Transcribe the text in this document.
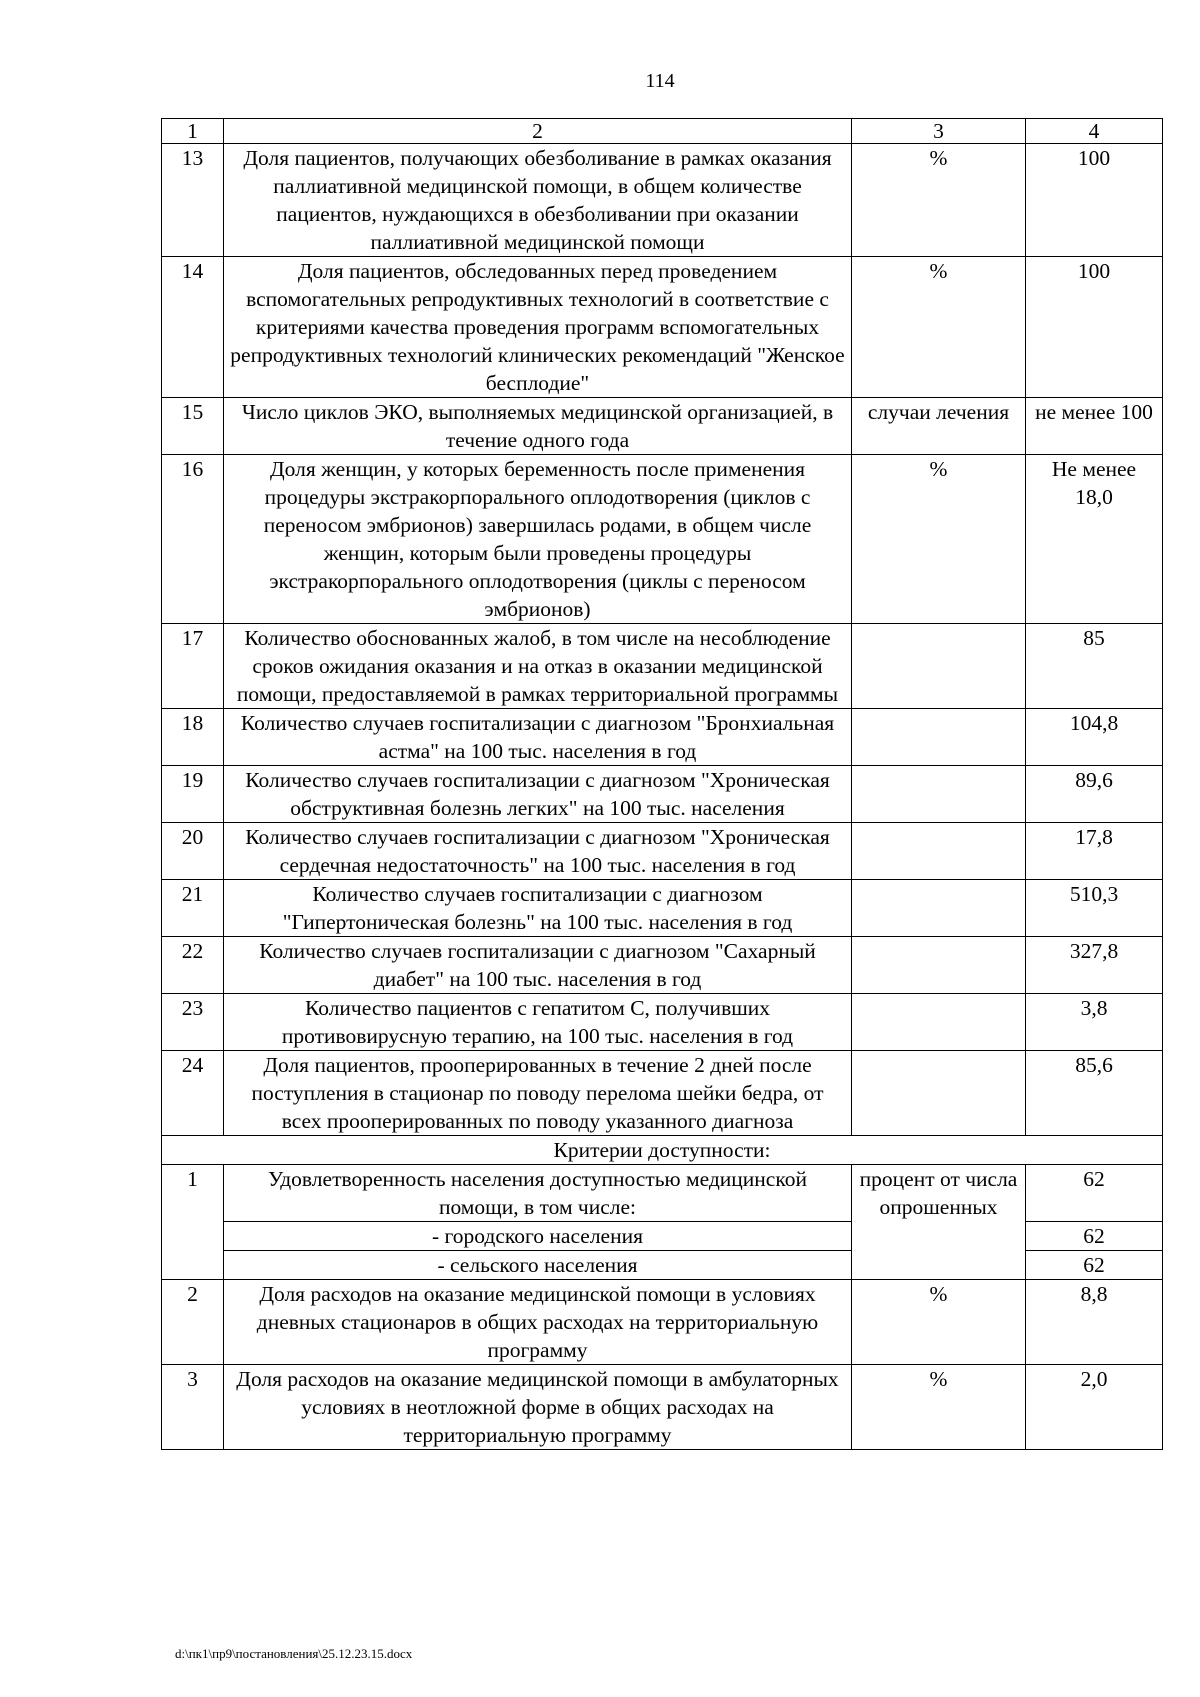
114
1	2	3	4
13	Доля пациентов, получающих обезболивание в рамках оказания паллиативной медицинской помощи, в общем количестве пациентов, нуждающихся в обезболивании при оказании паллиативной медицинской помощи	%	100
14	Доля пациентов, обследованных перед проведением вспомогательных репродуктивных технологий в соответствие с критериями качества проведения программ вспомогательных репродуктивных технологий клинических рекомендаций "Женское бесплодие"	%	100
15	Число циклов ЭКО, выполняемых медицинской организацией, в течение одного года	случаи лечения	не менее 100
16	Доля женщин, у которых беременность после применения процедуры экстракорпорального оплодотворения (циклов с переносом эмбрионов) завершилась родами, в общем числе женщин, которым были проведены процедуры экстракорпорального оплодотворения (циклы с переносом эмбрионов)	%	Не менее 18,0
17	Количество обоснованных жалоб, в том числе на несоблюдение сроков ожидания оказания и на отказ в оказании медицинской помощи, предоставляемой в рамках территориальной программы		85
18	Количество случаев госпитализации с диагнозом "Бронхиальная астма" на 100 тыс. населения в год		104,8
19	Количество случаев госпитализации с диагнозом "Хроническая обструктивная болезнь легких" на 100 тыс. населения		89,6
20	Количество случаев госпитализации с диагнозом "Хроническая сердечная недостаточность" на 100 тыс. населения в год		17,8
21	Количество случаев госпитализации с диагнозом "Гипертоническая болезнь" на 100 тыс. населения в год		510,3
22	Количество случаев госпитализации с диагнозом "Сахарный диабет" на 100 тыс. населения в год		327,8
23	Количество пациентов с гепатитом С, получивших противовирусную терапию, на 100 тыс. населения в год		3,8
24	Доля пациентов, прооперированных в течение 2 дней после поступления в стационар по поводу перелома шейки бедра, от всех прооперированных по поводу указанного диагноза		85,6
Критерии доступности:			
1	Удовлетворенность населения доступностью медицинской помощи, в том числе:	процент от числа опрошенных	62
	- городского населения		62
	- сельского населения		62
2	Доля расходов на оказание медицинской помощи в условиях дневных стационаров в общих расходах на территориальную программу	%	8,8
3	Доля расходов на оказание медицинской помощи в амбулаторных условиях в неотложной форме в общих расходах на территориальную программу	%	2,0
d:\пк1\пр9\постановления\25.12.23.15.docx
